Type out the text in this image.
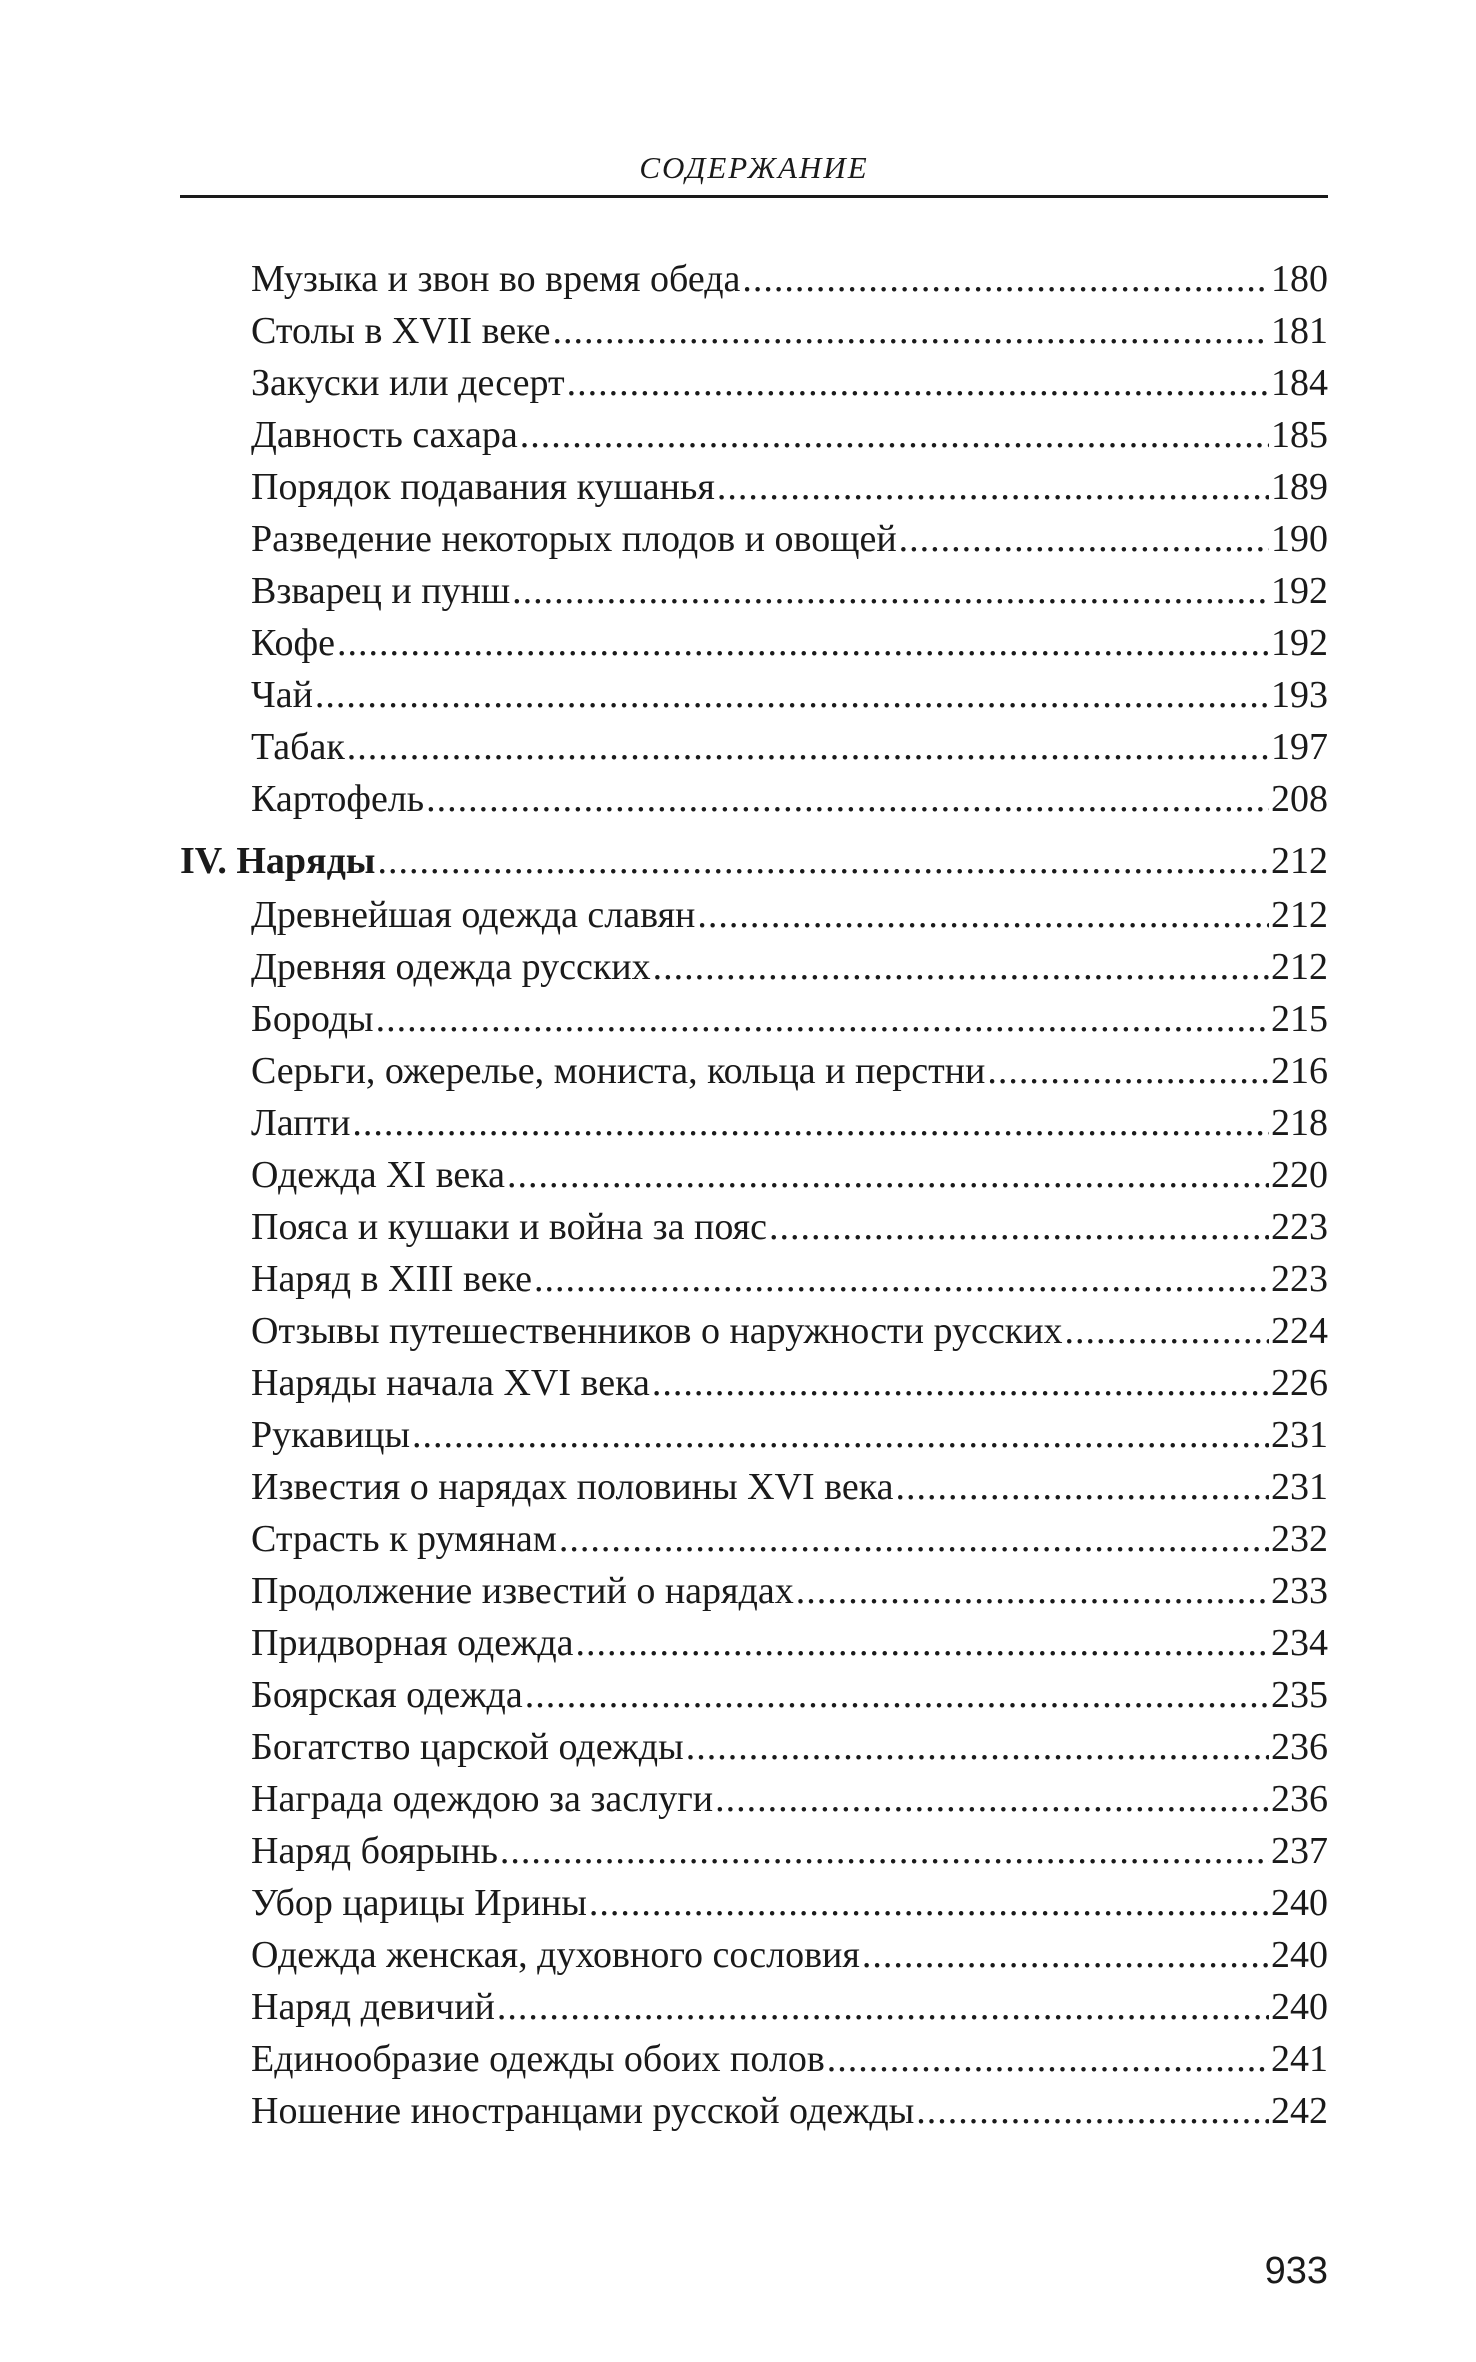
СОДЕРЖАНИЕ
Музыка и звон во время обеда .....	180
Столы в XVII веке .....	181
Закуски или десерт .....	184
Давность сахара .....	185
Порядок подавания кушанья .....	189
Разведение некоторых плодов и овощей .....	190
Взварец и пунш .....	192
Кофе .....	192
Чай .....	193
Табак .....	197
Картофель .....	208
IV. Наряды .....	212
Древнейшая одежда славян .....	212
Древняя одежда русских .....	212
Бороды .....	215
Серьги, ожерелье, мониста, кольца и перстни .....	216
Лапти .....	218
Одежда XI века .....	220
Пояса и кушаки и война за пояс .....	223
Наряд в XIII веке .....	223
Отзывы путешественников о наружности русских .....	224
Наряды начала XVI века .....	226
Рукавицы .....	231
Известия о нарядах половины XVI века .....	231
Страсть к румянам .....	232
Продолжение известий о нарядах .....	233
Придворная одежда .....	234
Боярская одежда .....	235
Богатство царской одежды .....	236
Награда одеждою за заслуги .....	236
Наряд боярынь .....	237
Убор царицы Ирины .....	240
Одежда женская, духовного сословия .....	240
Наряд девичий .....	240
Единообразие одежды обоих полов .....	241
Ношение иностранцами русской одежды .....	242
933
